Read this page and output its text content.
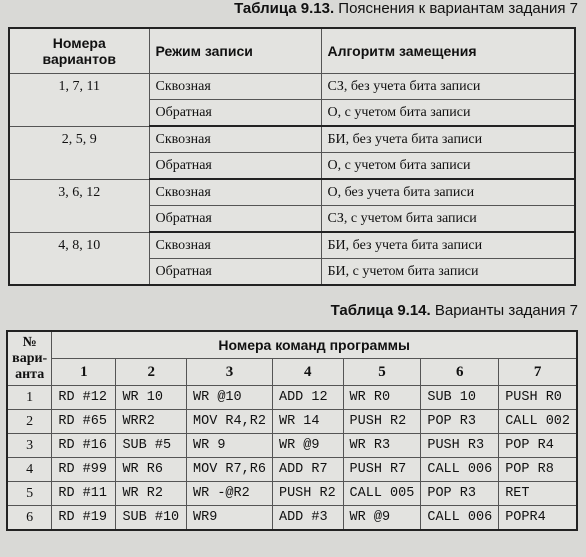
Таблица 9.13. Пояснения к вариантам задания 7
Номера вариантов	Режим записи	Алгоритм замещения
1, 7, 11	Сквозная	СЗ, без учета бита записи
	Обратная	О, с учетом бита записи
2, 5, 9	Сквозная	БИ, без учета бита записи
	Обратная	О, с учетом бита записи
3, 6, 12	Сквозная	О, без учета бита записи
	Обратная	СЗ, с учетом бита записи
4, 8, 10	Сквозная	БИ, без учета бита записи
	Обратная	БИ, с учетом бита записи
Таблица 9.14. Варианты задания 7
№ вари-анта	Номера команд программы						
	1	2	3	4	5	6	7
1	RD #12	WR 10	WR @10	ADD 12	WR R0	SUB 10	PUSH R0
2	RD #65	WRR2	MOV R4,R2	WR 14	PUSH R2	POP R3	CALL 002
3	RD #16	SUB #5	WR 9	WR @9	WR R3	PUSH R3	POP R4
4	RD #99	WR R6	MOV R7,R6	ADD R7	PUSH R7	CALL 006	POP R8
5	RD #11	WR R2	WR -@R2	PUSH R2	CALL 005	POP R3	RET
6	RD #19	SUB #10	WR9	ADD #3	WR @9	CALL 006	POPR4
